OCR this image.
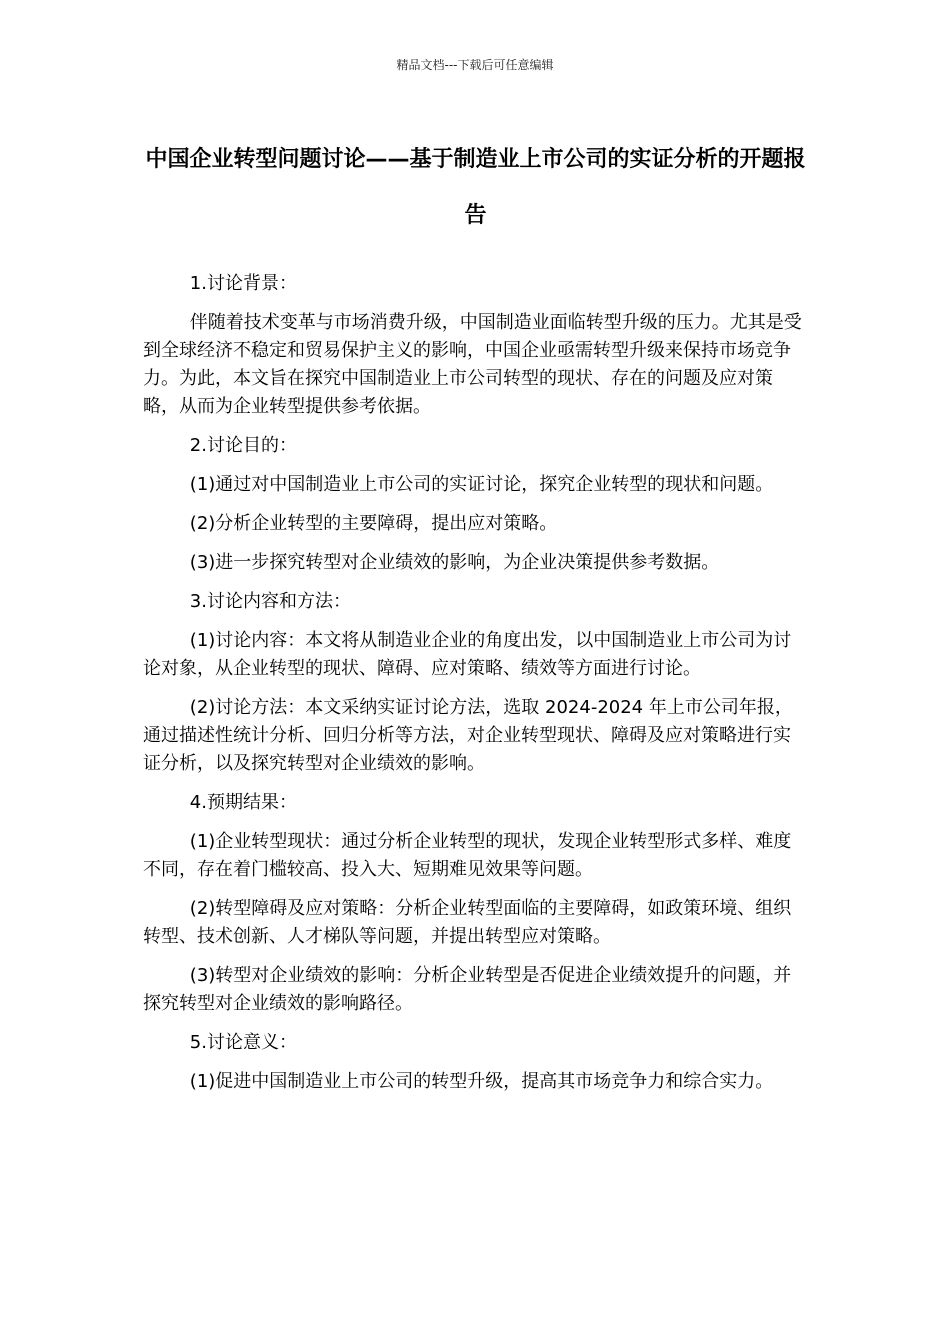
精品文档---下载后可任意编辑
中国企业转型问题讨论——基于制造业上市公司的实证分析的开题报告

1.讨论背景：

伴随着技术变革与市场消费升级，中国制造业面临转型升级的压力。尤其是受到全球经济不稳定和贸易保护主义的影响，中国企业亟需转型升级来保持市场竞争力。为此，本文旨在探究中国制造业上市公司转型的现状、存在的问题及应对策略，从而为企业转型提供参考依据。

2.讨论目的：

(1)通过对中国制造业上市公司的实证讨论，探究企业转型的现状和问题。

(2)分析企业转型的主要障碍，提出应对策略。

(3)进一步探究转型对企业绩效的影响，为企业决策提供参考数据。

3.讨论内容和方法：

(1)讨论内容：本文将从制造业企业的角度出发，以中国制造业上市公司为讨论对象，从企业转型的现状、障碍、应对策略、绩效等方面进行讨论。

(2)讨论方法：本文采纳实证讨论方法，选取 2024-2024 年上市公司年报，通过描述性统计分析、回归分析等方法，对企业转型现状、障碍及应对策略进行实证分析，以及探究转型对企业绩效的影响。

4.预期结果：

(1)企业转型现状：通过分析企业转型的现状，发现企业转型形式多样、难度不同，存在着门槛较高、投入大、短期难见效果等问题。

(2)转型障碍及应对策略：分析企业转型面临的主要障碍，如政策环境、组织转型、技术创新、人才梯队等问题，并提出转型应对策略。

(3)转型对企业绩效的影响：分析企业转型是否促进企业绩效提升的问题，并探究转型对企业绩效的影响路径。

5.讨论意义：

(1)促进中国制造业上市公司的转型升级，提高其市场竞争力和综合实力。
